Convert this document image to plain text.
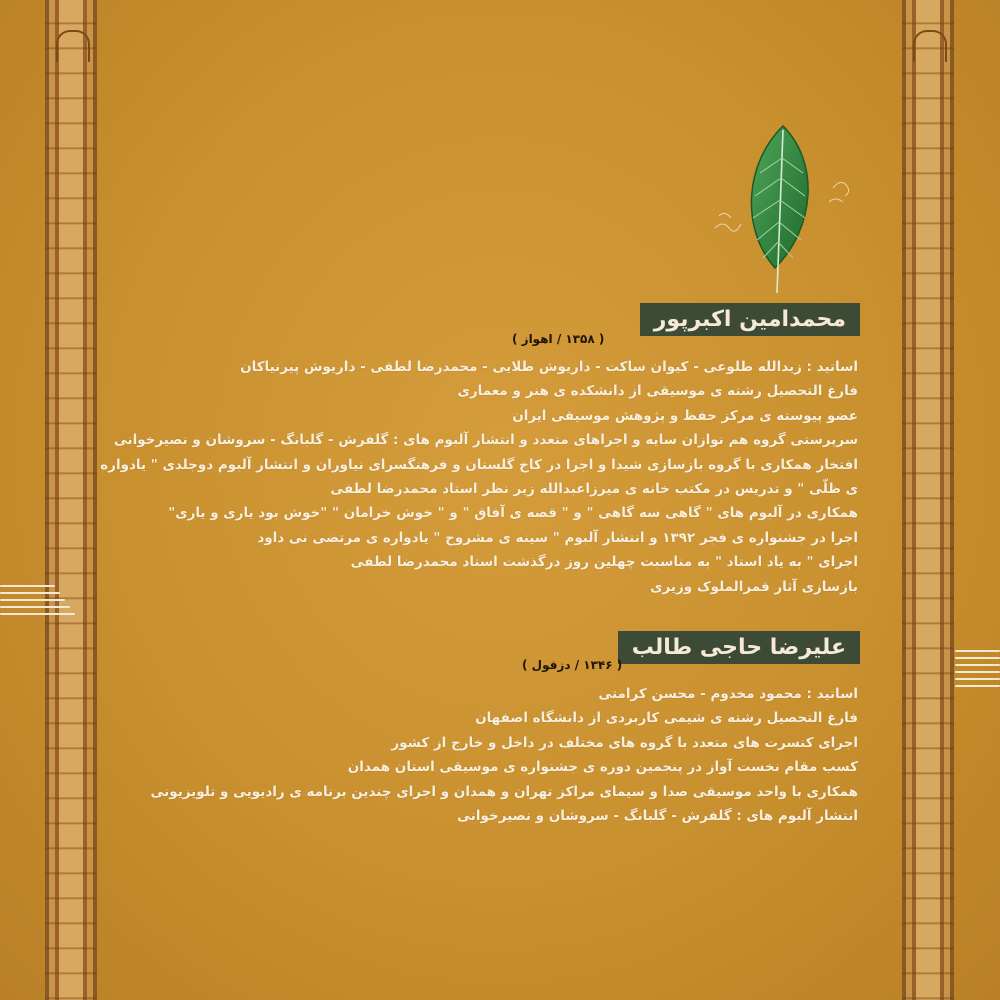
محمدامین اکبرپور
( ۱۳۵۸ / اهواز )
اساتید : زیدالله طلوعی - کیوان ساکت - داریوش طلایی - محمدرضا لطفی - داریوش پیرنیاکان
فارغ التحصیل رشته ی موسیقی از دانشکده ی هنر و معماری
عضو پیوسته ی مرکز حفظ و پژوهش موسیقی ایران
سرپرستی گروه هم نوازان سایه و اجراهای متعدد و انتشار آلبوم های : گلفرش - گلبانگ - سروشان و نصیرخوانی
افتخار همکاری با گروه بازسازی شیدا و اجرا در کاخ گلستان و فرهنگسرای نیاوران و انتشار آلبوم دوجلدی " یادواره
ی ظلّی " و تدریس در مکتب خانه ی میرزاعبدالله زیر نظر استاد محمدرضا لطفی
همکاری در آلبوم های " گاهی سه گاهی " و " قصه ی آفاق " و " خوش خرامان " "خوش بود یاری و یاری"
اجرا در جشنواره ی فجر ۱۳۹۲ و انتشار آلبوم " سینه ی مشروح " یادواره ی مرتضی نی داود
اجرای " به یاد استاد " به مناسبت چهلین روز درگذشت استاد محمدرضا لطفی
بازسازی آثار قمرالملوک وزیری
علیرضا حاجی طالب
( ۱۳۴۶ / دزفول )
اساتید : محمود مخدوم - محسن کرامتی
فارغ التحصیل رشته ی شیمی کاربردی از دانشگاه اصفهان
اجرای کنسرت های متعدد با گروه های مختلف در داخل و خارج از کشور
کسب مقام نخست آواز در پنجمین دوره ی جشنواره ی موسیقی استان همدان
همکاری با واحد موسیقی صدا و سیمای مراکز تهران و همدان و اجرای چندین برنامه ی رادیویی و تلویزیونی
انتشار آلبوم های : گلفرش - گلبانگ - سروشان و نصیرخوانی
